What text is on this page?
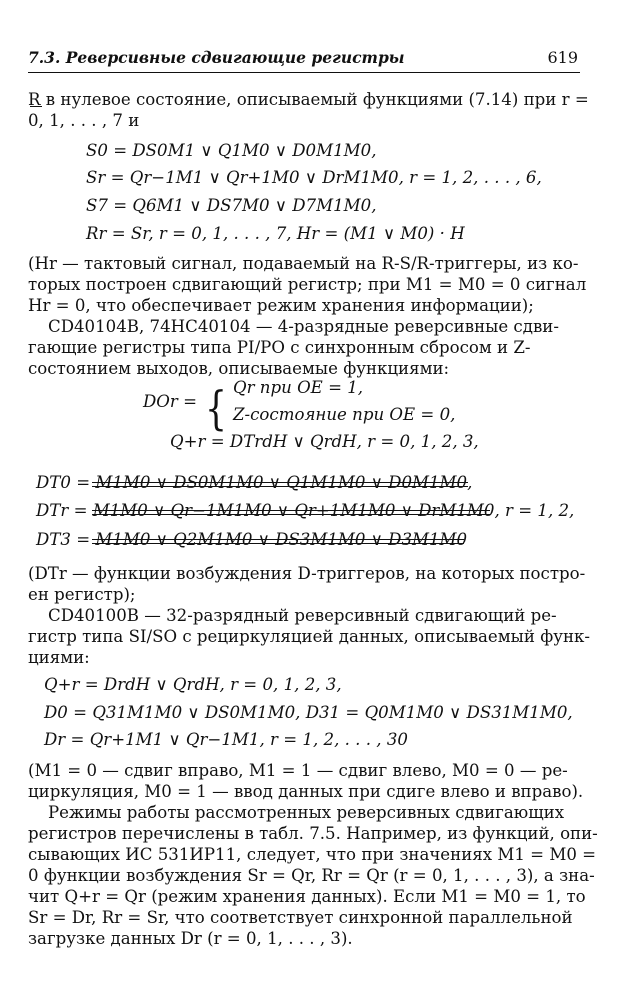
7.3. Реверсивные сдвигающие регистры	619
R в нулевое состояние, описываемый функциями (7.14) при r =
0, 1, . . . , 7 и
(Hr — тактовый сигнал, подаваемый на R-S/R-триггеры, из ко-
торых построен сдвигающий регистр; при M1 = M0 = 0 сигнал
Hr = 0, что обеспечивает режим хранения информации);
CD40104B, 74HC40104 — 4-разрядные реверсивные сдви-
гающие регистры типа PI/PO с синхронным сбросом и Z-
состоянием выходов, описываемые функциями:
(DTr — функции возбуждения D-триггеров, на которых постро-
ен регистр);
CD40100B — 32-разрядный реверсивный сдвигающий ре-
гистр типа SI/SO с рециркуляцией данных, описываемый функ-
циями:
(M1 = 0 — сдвиг вправо, M1 = 1 — сдвиг влево, M0 = 0 — ре-
циркуляция, M0 = 1 — ввод данных при сдиге влево и вправо).
Режимы работы рассмотренных реверсивных сдвигающих
регистров перечислены в табл. 7.5. Например, из функций, опи-
сывающих ИС 531ИР11, следует, что при значениях M1 = M0 =
0 функции возбуждения Sr = Qr, Rr = Qr (r = 0, 1, . . . , 3), а зна-
чит Q+r = Qr (режим хранения данных). Если M1 = M0 = 1, то
Sr = Dr, Rr = Sr, что соответствует синхронной параллельной
загрузке данных Dr (r = 0, 1, . . . , 3).
S0 = DS0M1 ∨ Q1M0 ∨ D0M1M0,
Sr = Qr−1M1 ∨ Qr+1M0 ∨ DrM1M0, r = 1, 2, . . . , 6,
S7 = Q6M1 ∨ DS7M0 ∨ D7M1M0,
Rr = Sr, r = 0, 1, . . . , 7, Hr = (M1 ∨ M0) · H
DOr =
Qr при OE = 1,
Z-состояние при OE = 0,
Q+r = DTrdH ∨ QrdH, r = 0, 1, 2, 3,
DT0 = M1M0 ∨ DS0M1M0 ∨ Q1M1M0 ∨ D0M1M0,
DTr = M1M0 ∨ Qr−1M1M0 ∨ Qr+1M1M0 ∨ DrM1M0, r = 1, 2,
DT3 = M1M0 ∨ Q2M1M0 ∨ DS3M1M0 ∨ D3M1M0
Q+r = DrdH ∨ QrdH, r = 0, 1, 2, 3,
D0 = Q31M1M0 ∨ DS0M1M0, D31 = Q0M1M0 ∨ DS31M1M0,
Dr = Qr+1M1 ∨ Qr−1M1, r = 1, 2, . . . , 30
{
